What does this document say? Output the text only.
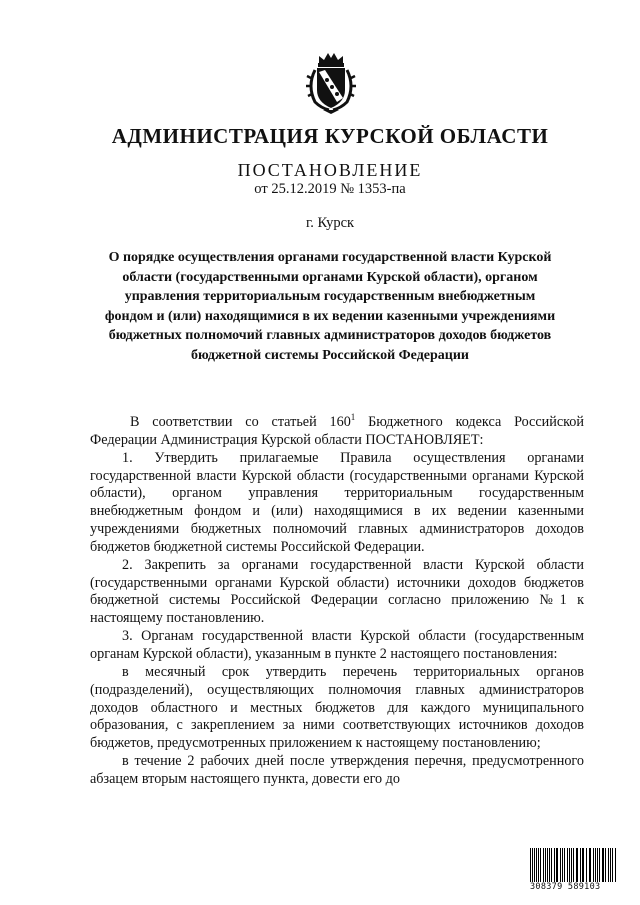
АДМИНИСТРАЦИЯ КУРСКОЙ ОБЛАСТИ
ПОСТАНОВЛЕНИЕ
от 25.12.2019 № 1353-па
г. Курск
О порядке осуществления органами государственной власти Курской
области (государственными органами Курской области), органом
управления территориальным государственным внебюджетным
фондом и (или) находящимися в их ведении казенными учреждениями
бюджетных полномочий главных администраторов доходов бюджетов
бюджетной системы Российской Федерации

В соответствии со статьей $160^1$ Бюджетного кодекса Российской Федерации Администрация Курской области ПОСТАНОВЛЯЕТ:

1. Утвердить прилагаемые Правила осуществления органами государственной власти Курской области (государственными органами Курской области), органом управления территориальным государственным внебюджетным фондом и (или) находящимися в их ведении казенными учреждениями бюджетных полномочий главных администраторов доходов бюджетов бюджетной системы Российской Федерации.

2. Закрепить за органами государственной власти Курской области (государственными органами Курской области) источники доходов бюджетов бюджетной системы Российской Федерации согласно приложению №1 к настоящему постановлению.

3. Органам государственной власти Курской области (государственным органам Курской области), указанным в пункте 2 настоящего постановления:

в месячный срок утвердить перечень территориальных органов (подразделений), осуществляющих полномочия главных администраторов доходов областного и местных бюджетов для каждого муниципального образования, с закреплением за ними соответствующих источников доходов бюджетов, предусмотренных приложением к настоящему постановлению;

в течение 2 рабочих дней после утверждения перечня, предусмотренного абзацем вторым настоящего пункта, довести его до

308379 589103
